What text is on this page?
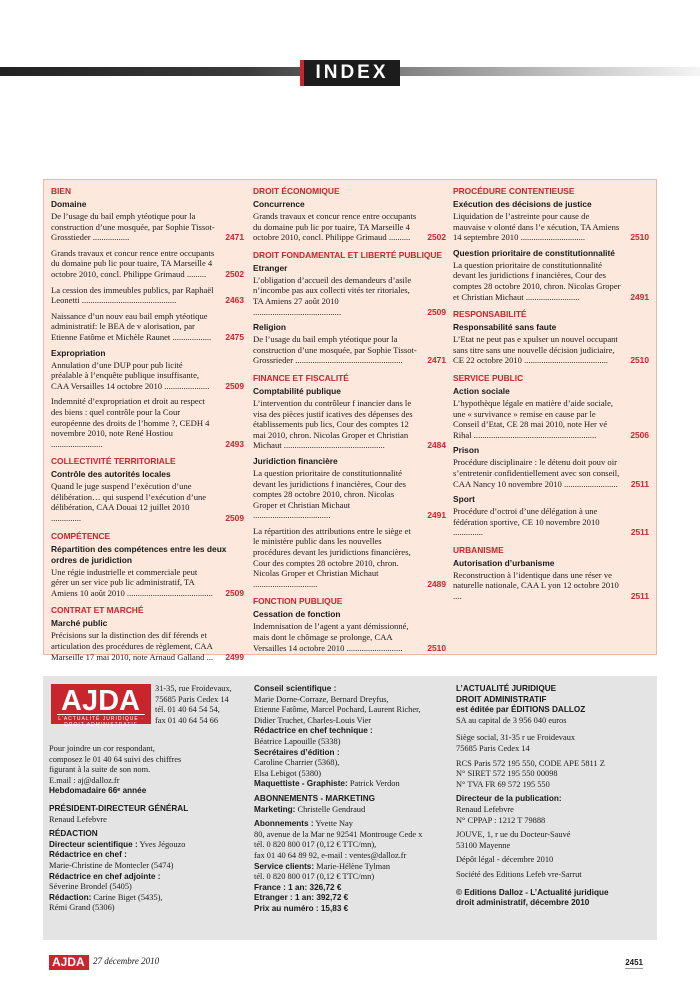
INDEX
BIEN
Domaine
De l’usage du bail emph ytéotique pour la construction d’une mosquée, par Sophie Tissot-Grosstieder .................	2471
Grands travaux et concur rence entre occupants du domaine pub lic pour tuaire, TA Marseille 4 octobre 2010, concl. Philippe Grimaud ......... 2502
La cession des immeubles publics, par Raphaël Leonetti ............................................	2463
Naissance d’un nouv eau bail emph ytéotique administratif: le BEA de v alorisation, par Etienne Fatôme et Michèle Raunet .................. 2475
Expropriation
Annulation d’une DUP pour pub licité préalable à l’enquête publique insuffisante, CAA Versailles 14 octobre 2010 ..................... 2509
Indemnité d’expropriation et droit au respect des biens : quel contrôle pour la Cour européenne des droits de l’homme ?, CEDH 4 novembre 2010, note René Hostiou ........................	2493
COLLECTIVITÉ TERRITORIALE
Contrôle des autorités locales
Quand le juge suspend l’exécution d’une délibération… qui suspend l’exécution d’une délibération, CAA Douai 12 juillet 2010 ..............	2509
COMPÉTENCE
Répartition des compétences entre les deux ordres de juridiction
Une régie industrielle et commerciale peut gérer un ser vice pub lic administratif, TA Amiens 10 août 2010 ........................................ 2509
CONTRAT ET MARCHÉ
Marché public
Précisions sur la distinction des dif férends et articulation des procédures de règlement, CAA Marseille 17 mai 2010, note Arnaud Galland ... 2499
DROIT ÉCONOMIQUE
Concurrence
Grands travaux et concur rence entre occupants du domaine pub lic por tuaire, TA Marseille 4 octobre 2010, concl. Philippe Grimaud .......... 2502
DROIT FONDAMENTAL ET LIBERTÉ PUBLIQUE
Etranger
L’obligation d’accueil des demandeurs d’asile n’incombe pas aux collecti vités ter ritoriales, TA Amiens 27 août 2010 .........................................	2509
Religion
De l’usage du bail emph ytéotique pour la construction d’une mosquée, par Sophie Tissot-Grossrieder ..................................................	2471
FINANCE ET FISCALITÉ
Comptabilité publique
L’intervention du contrôleur f inancier dans le visa des pièces justif icatives des dépenses des établissements pub lics, Cour des comptes 12 mai 2010, chron. Nicolas Groper et Christian Michaut ...............................................	2484
Juridiction financière
La question prioritaire de constitutionnalité devant les juridictions f inancières, Cour des comptes 28 octobre 2010, chron. Nicolas Groper et Christian Michaut ....................................	2491
La répartition des attributions entre le siège et le ministère public dans les nouvelles procédures devant les juridictions financières, Cour des comptes 28 octobre 2010, chron. Nicolas Groper et Christian Michaut ..............................	2489
FONCTION PUBLIQUE
Cessation de fonction
Indemnisation de l’agent a yant démissionné, mais dont le chômage se prolonge, CAA Versailles 14 octobre 2010 ..........................	2510
PROCÉDURE CONTENTIEUSE
Exécution des décisions de justice
Liquidation de l’astreinte pour cause de mauvaise v olonté dans l’e xécution, TA Amiens 14 septembre 2010 ..............................	2510
Question prioritaire de constitutionnalité
La question prioritaire de constitutionnalité devant les juridictions f inancières, Cour des comptes 28 octobre 2010, chron. Nicolas Groper et Christian Michaut .........................	2491
RESPONSABILITÉ
Responsabilité sans faute
L’Etat ne peut pas e xpulser un nouvel occupant sans titre sans une nouvelle décision judiciaire, CE 22 octobre 2010 .......................................	2510
SERVICE PUBLIC
Action sociale
L’hypothèque légale en matière d’aide sociale, une « survivance » remise en cause par le Conseil d’Etat, CE 28 mai 2010, note Her vé Rihal .........................................................	2506
Prison
Procédure disciplinaire : le détenu doit pouv oir s’entretenir confidentiellement avec son conseil, CAA Nancy 10 novembre 2010 ......................... 2511
Sport
Procédure d’octroi d’une délégation à une fédération sportive, CE 10 novembre 2010 ..............	2511
URBANISME
Autorisation d’urbanisme
Reconstruction à l’identique dans une réser ve naturelle nationale, CAA L yon 12 octobre 2010 ....	2511
AJDA
L’ACTUALITÉ JURIDIQUE · DROIT ADMINISTRATIF
31-35, rue Froidevaux,
75685 Paris Cedex 14
tél. 01 40 64 54 54,
fax 01 40 64 54 66
Pour joindre un cor respondant,
composez le 01 40 64 suivi des chiffres
figurant à la suite de son nom.
E.mail : aj@dalloz.fr
Hebdomadaire 66ᵉ année
PRÉSIDENT-DIRECTEUR GÉNÉRAL
Renaud Lefebvre
RÉDACTION
Directeur scientifique : Yves Jégouzo
Rédactrice en chef :
Marie-Christine de Montecler (5474)
Rédactrice en chef adjointe :
Séverine Brondel (5405)
Rédaction: Carine Biget (5435),
Rémi Grand (5306)
Conseil scientifique :
Marie Dorne-Corraze, Bernard Dreyfus,
Etienne Fatôme, Marcel Pochard, Laurent Richer,
Didier Truchet, Charles-Louis Vier
Rédactrice en chef technique :
Béatrice Lapouille (5338)
Secrétaires d’édition :
Caroline Charrier (5368),
Elsa Lebigot (5380)
Maquettiste - Graphiste: Patrick Verdon
ABONNEMENTS - MARKETING
Marketing: Christelle Gendraud
Abonnements : Yvette Nay
80, avenue de la Mar ne 92541 Montrouge Cede x
tél. 0 820 800 017 (0,12 € TTC/mn),
fax 01 40 64 89 92, e-mail : ventes@dalloz.fr
Service clients: Marie-Hélène Tylman
tél. 0 820 800 017 (0,12 € TTC/mn)
France : 1 an: 326,72 €
Etranger : 1 an: 392,72 €
Prix au numéro : 15,83 €
L’ACTUALITÉ JURIDIQUE
DROIT ADMINISTRATIF
est éditée par ÉDITIONS DALLOZ
SA au capital de 3 956 040 euros
Siège social, 31-35 r ue Froidevaux
75685 Paris Cedex 14
RCS Paris 572 195 550, CODE APE 5811 Z
N° SIRET 572 195 550 00098
N° TVA FR 69 572 195 550
Directeur de la publication:
Renaud Lefebvre
N° CPPAP : 1212 T 79888
JOUVE, 1, r ue du Docteur-Sauvé
53100 Mayenne
Dépôt légal - décembre 2010
Société des Editions Lefeb vre-Sarrut
© Editions Dalloz - L’Actualité juridique
droit administratif, décembre 2010
AJDA 27 décembre 2010	2451
